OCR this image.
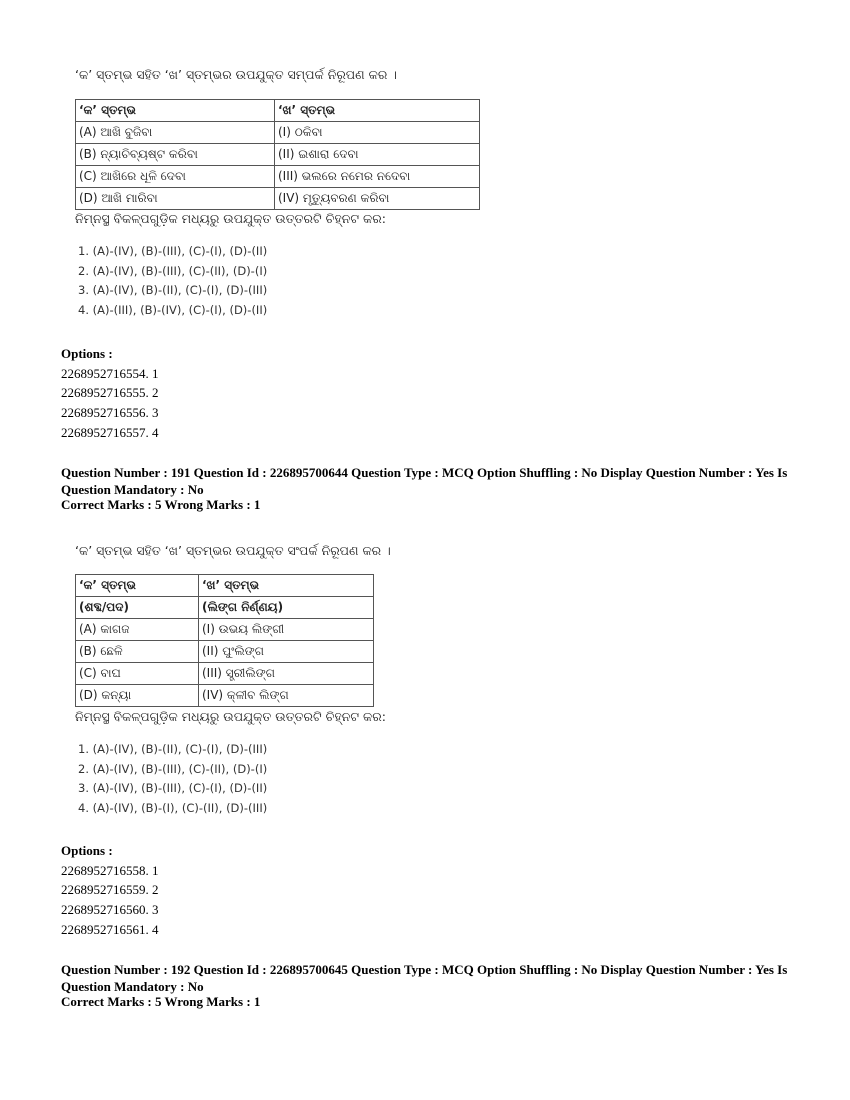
‘କ’ ସ୍ତମ୍ଭ ସହିତ ‘ଖ’ ସ୍ତମ୍ଭର ଉପଯୁକ୍ତ ସମ୍ପର୍କ ନିରୂପଣ କର ।
‘କ’ ସ୍ତମ୍ଭ	‘ଖ’ ସ୍ତମ୍ଭ
(A) ଆଖି ବୁଜିବା	(I) ଠକିବା
(B) ନ୍ୟାଚିବ୍ୟଷ୍ଟ କରିବା	(II) ଇଶାରା ଦେବା
(C) ଆଖିରେ ଧୂଳି ଦେବା	(III) ଭଲରେ ନମେର ନଦେବା
(D) ଆଖି ମାରିବା	(IV) ମୃତ୍ୟୁବରଣ କରିବା
ନିମ୍ନସ୍ଥ ବିକଳ୍ପଗୁଡ଼ିକ ମଧ୍ୟରୁ ଉପଯୁକ୍ତ ଉତ୍ତରଟି ଚିହ୍ନଟ କର:
1. (A)-(IV), (B)-(III), (C)-(I), (D)-(II)
2. (A)-(IV), (B)-(III), (C)-(II), (D)-(I)
3. (A)-(IV), (B)-(II), (C)-(I), (D)-(III)
4. (A)-(III), (B)-(IV), (C)-(I), (D)-(II)
Options :
2268952716554. 1
2268952716555. 2
2268952716556. 3
2268952716557. 4
Question Number : 191 Question Id : 226895700644 Question Type : MCQ Option Shuffling : No Display Question Number : Yes Is Question Mandatory : No
Correct Marks : 5 Wrong Marks : 1
‘କ’ ସ୍ତମ୍ଭ ସହିତ ‘ଖ’ ସ୍ତମ୍ଭର ଉପଯୁକ୍ତ ସଂପର୍କ ନିରୂପଣ କର ।
‘କ’ ସ୍ତମ୍ଭ	‘ଖ’ ସ୍ତମ୍ଭ
(ଶବ୍ଦ/ପଦ)	(ଲିଙ୍ଗ ନିର୍ଣ୍ଣୟ)
(A) କାଗଜ	(I) ଉଭୟ ଲିଙ୍ଗୀ
(B) ଛେଳି	(II) ପୁଂଲିଙ୍ଗ
(C) ବାଘ	(III) ସ୍ତ୍ରୀଲିଙ୍ଗ
(D) କନ୍ୟା	(IV) କ୍ଳୀବ ଲିଙ୍ଗ
ନିମ୍ନସ୍ଥ ବିକଳ୍ପଗୁଡ଼ିକ ମଧ୍ୟରୁ ଉପଯୁକ୍ତ ଉତ୍ତରଟି ଚିହ୍ନଟ କର:
1. (A)-(IV), (B)-(II), (C)-(I), (D)-(III)
2. (A)-(IV), (B)-(III), (C)-(II), (D)-(I)
3. (A)-(IV), (B)-(III), (C)-(I), (D)-(II)
4. (A)-(IV), (B)-(I), (C)-(II), (D)-(III)
Options :
2268952716558. 1
2268952716559. 2
2268952716560. 3
2268952716561. 4
Question Number : 192 Question Id : 226895700645 Question Type : MCQ Option Shuffling : No Display Question Number : Yes Is Question Mandatory : No
Correct Marks : 5 Wrong Marks : 1
